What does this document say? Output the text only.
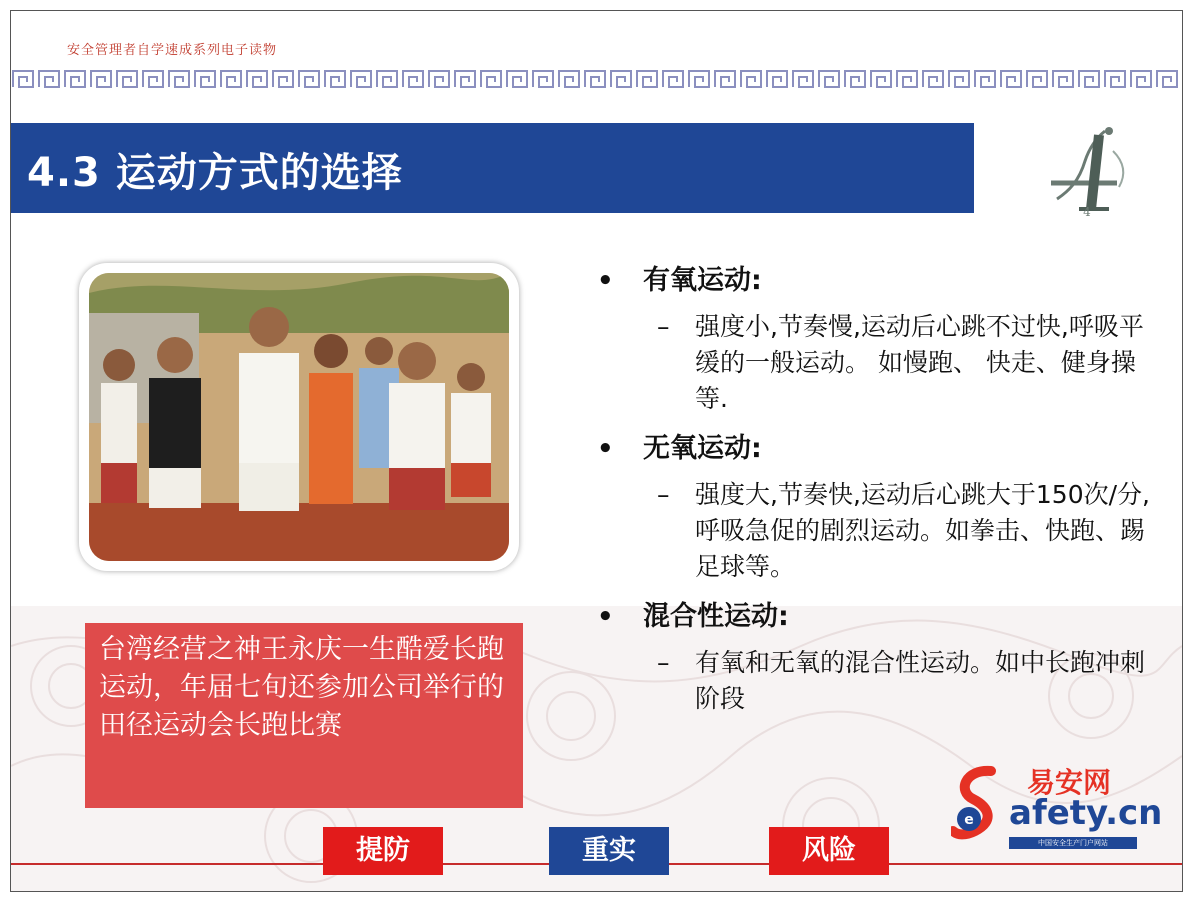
安全管理者自学速成系列电子读物
4.3 运动方式的选择
4
台湾经营之神王永庆一生酷爱长跑运动，年届七旬还参加公司举行的田径运动会长跑比赛
• 有氧运动:
– 强度小,节奏慢,运动后心跳不过快,呼吸平缓的一般运动。 如慢跑、 快走、健身操等.
• 无氧运动:
– 强度大,节奏快,运动后心跳大于150次/分,呼吸急促的剧烈运动。如拳击、快跑、踢足球等。
• 混合性运动:
– 有氧和无氧的混合性运动。如中长跑冲刺阶段
e
易安网
afety.cn
中国安全生产门户网站
提防	重实	风险
